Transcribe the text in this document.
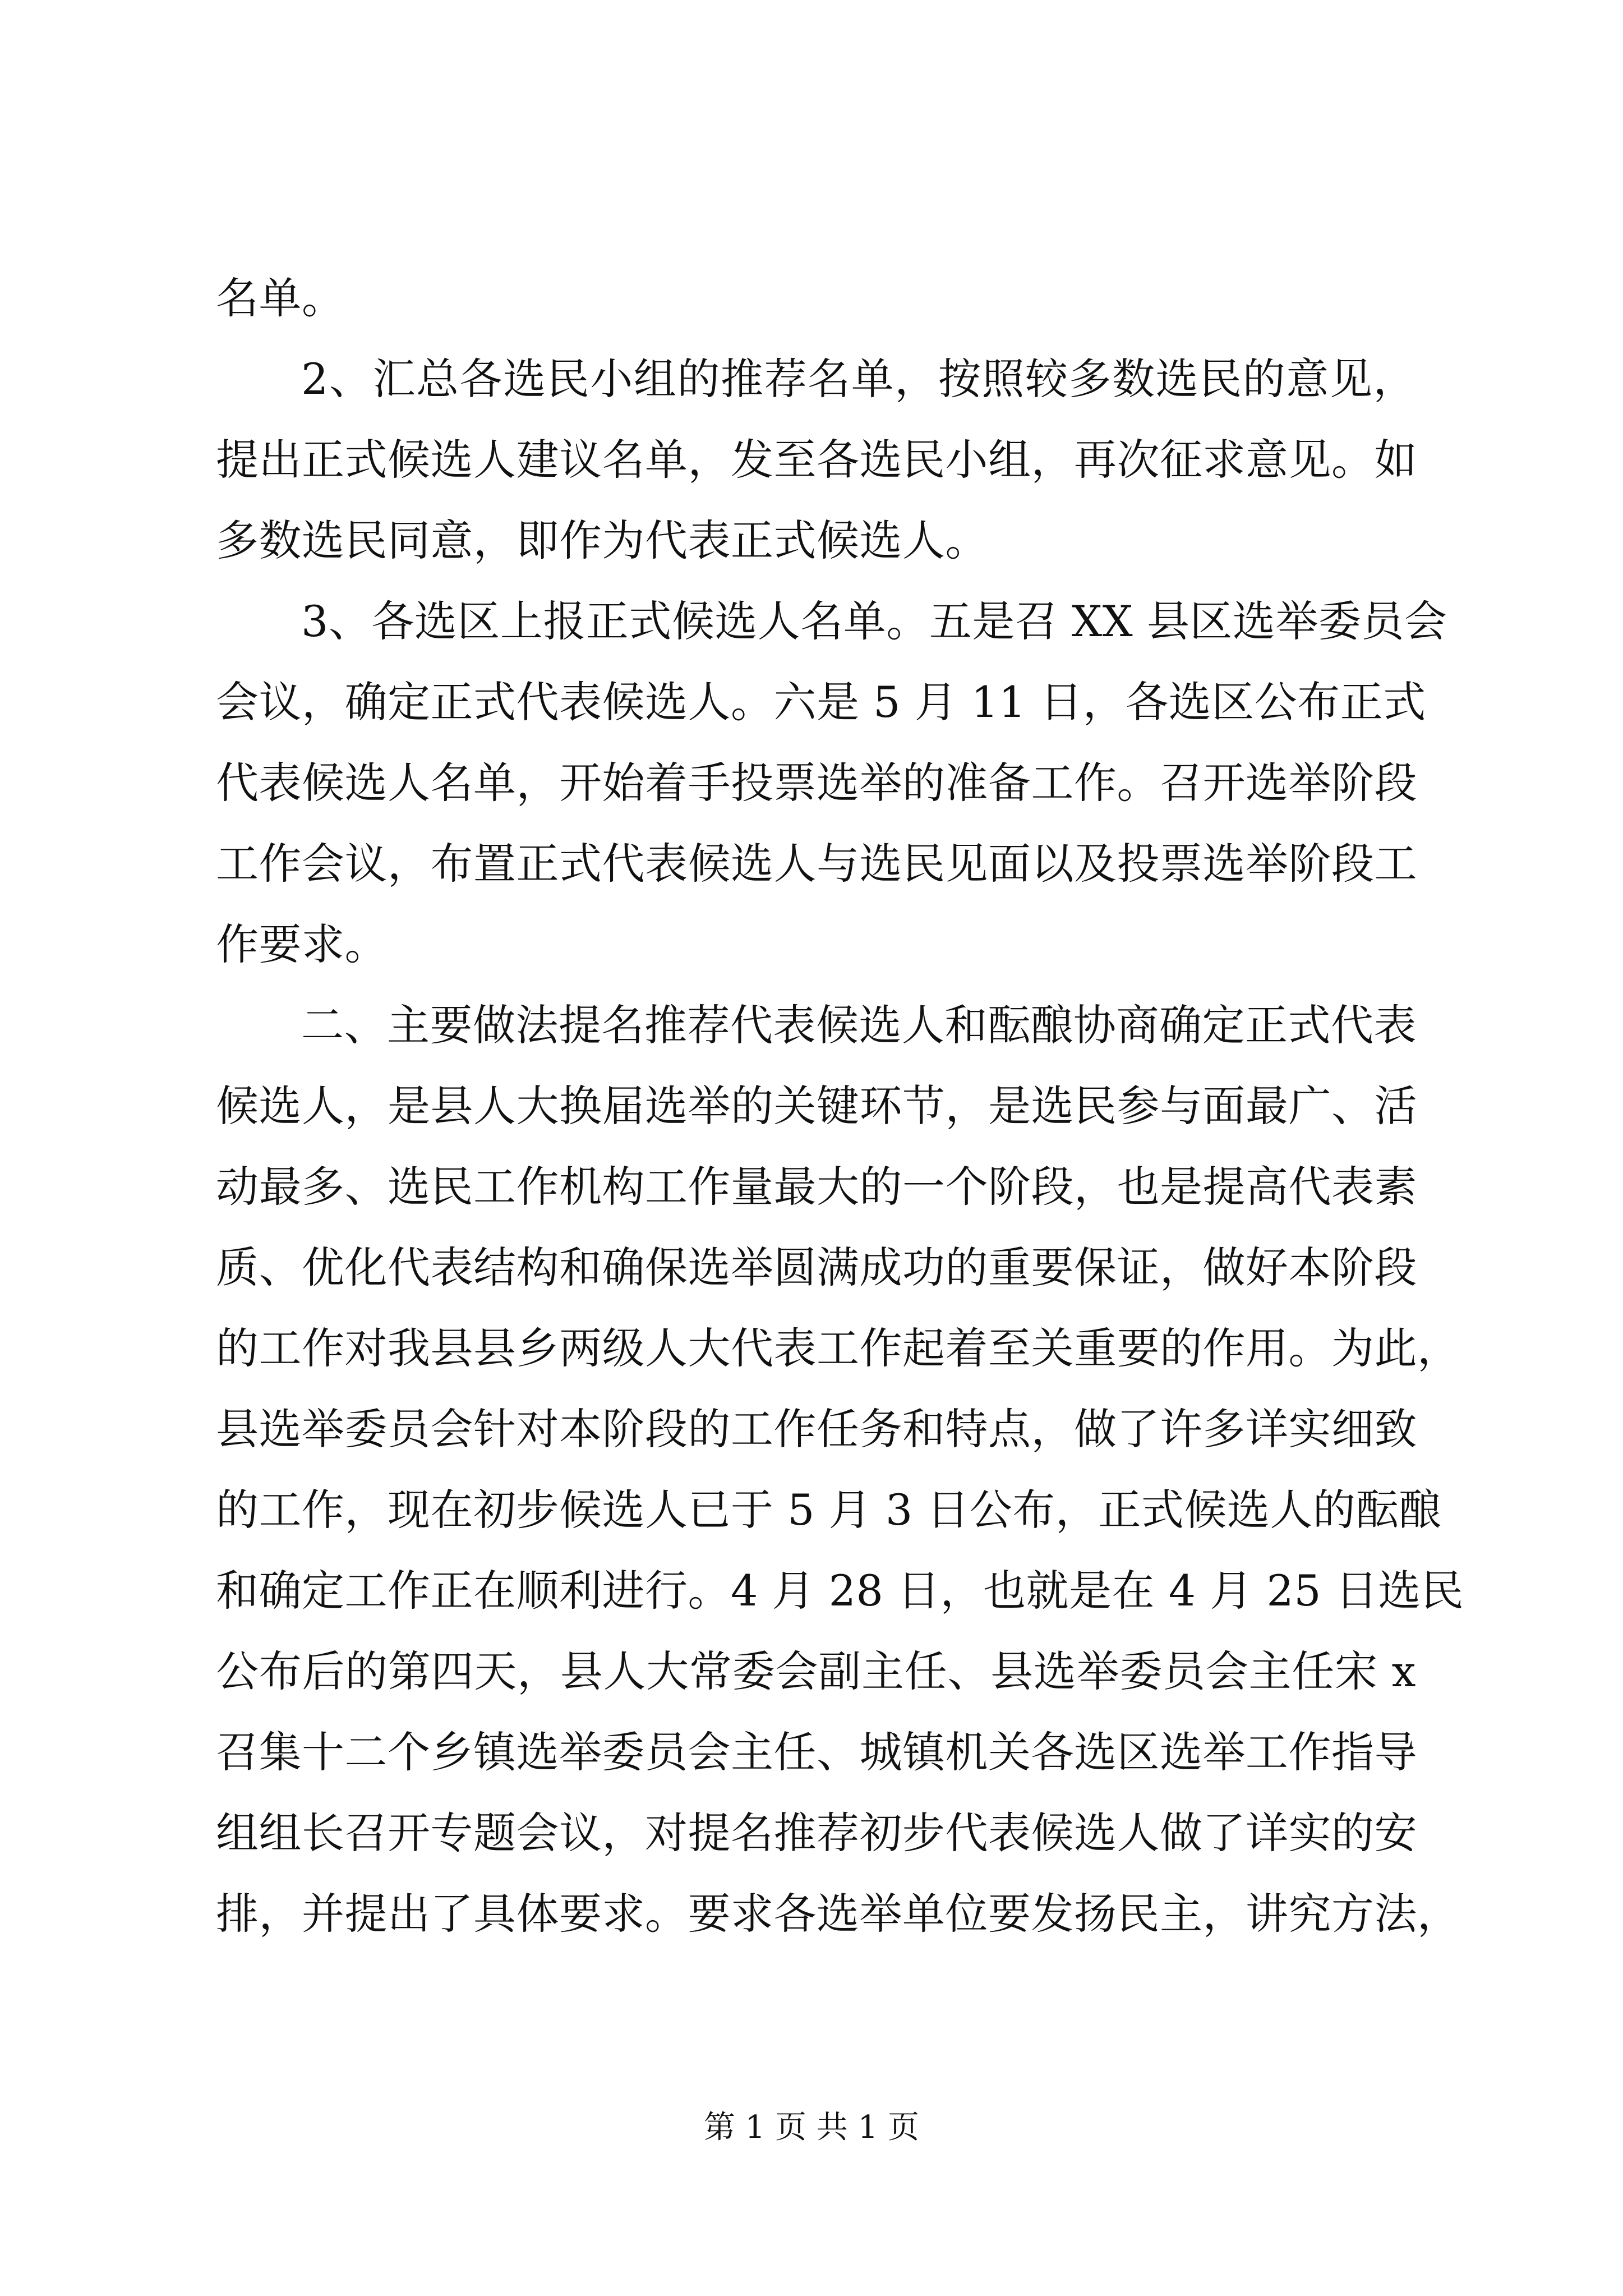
名单。
2、汇总各选民小组的推荐名单，按照较多数选民的意见，
提出正式候选人建议名单，发至各选民小组，再次征求意见。如
多数选民同意，即作为代表正式候选人。
3、各选区上报正式候选人名单。五是召 XX 县区选举委员会
会议，确定正式代表候选人。六是 5 月 11 日，各选区公布正式
代表候选人名单，开始着手投票选举的准备工作。召开选举阶段
工作会议，布置正式代表候选人与选民见面以及投票选举阶段工
作要求。
二、主要做法提名推荐代表候选人和酝酿协商确定正式代表
候选人，是县人大换届选举的关键环节，是选民参与面最广、活
动最多、选民工作机构工作量最大的一个阶段，也是提高代表素
质、优化代表结构和确保选举圆满成功的重要保证，做好本阶段
的工作对我县县乡两级人大代表工作起着至关重要的作用。为此，
县选举委员会针对本阶段的工作任务和特点，做了许多详实细致
的工作，现在初步候选人已于 5 月 3 日公布，正式候选人的酝酿
和确定工作正在顺利进行。4 月 28 日，也就是在 4 月 25 日选民
公布后的第四天，县人大常委会副主任、县选举委员会主任宋 x
召集十二个乡镇选举委员会主任、城镇机关各选区选举工作指导
组组长召开专题会议，对提名推荐初步代表候选人做了详实的安
排，并提出了具体要求。要求各选举单位要发扬民主，讲究方法，
第 1 页 共 1 页
